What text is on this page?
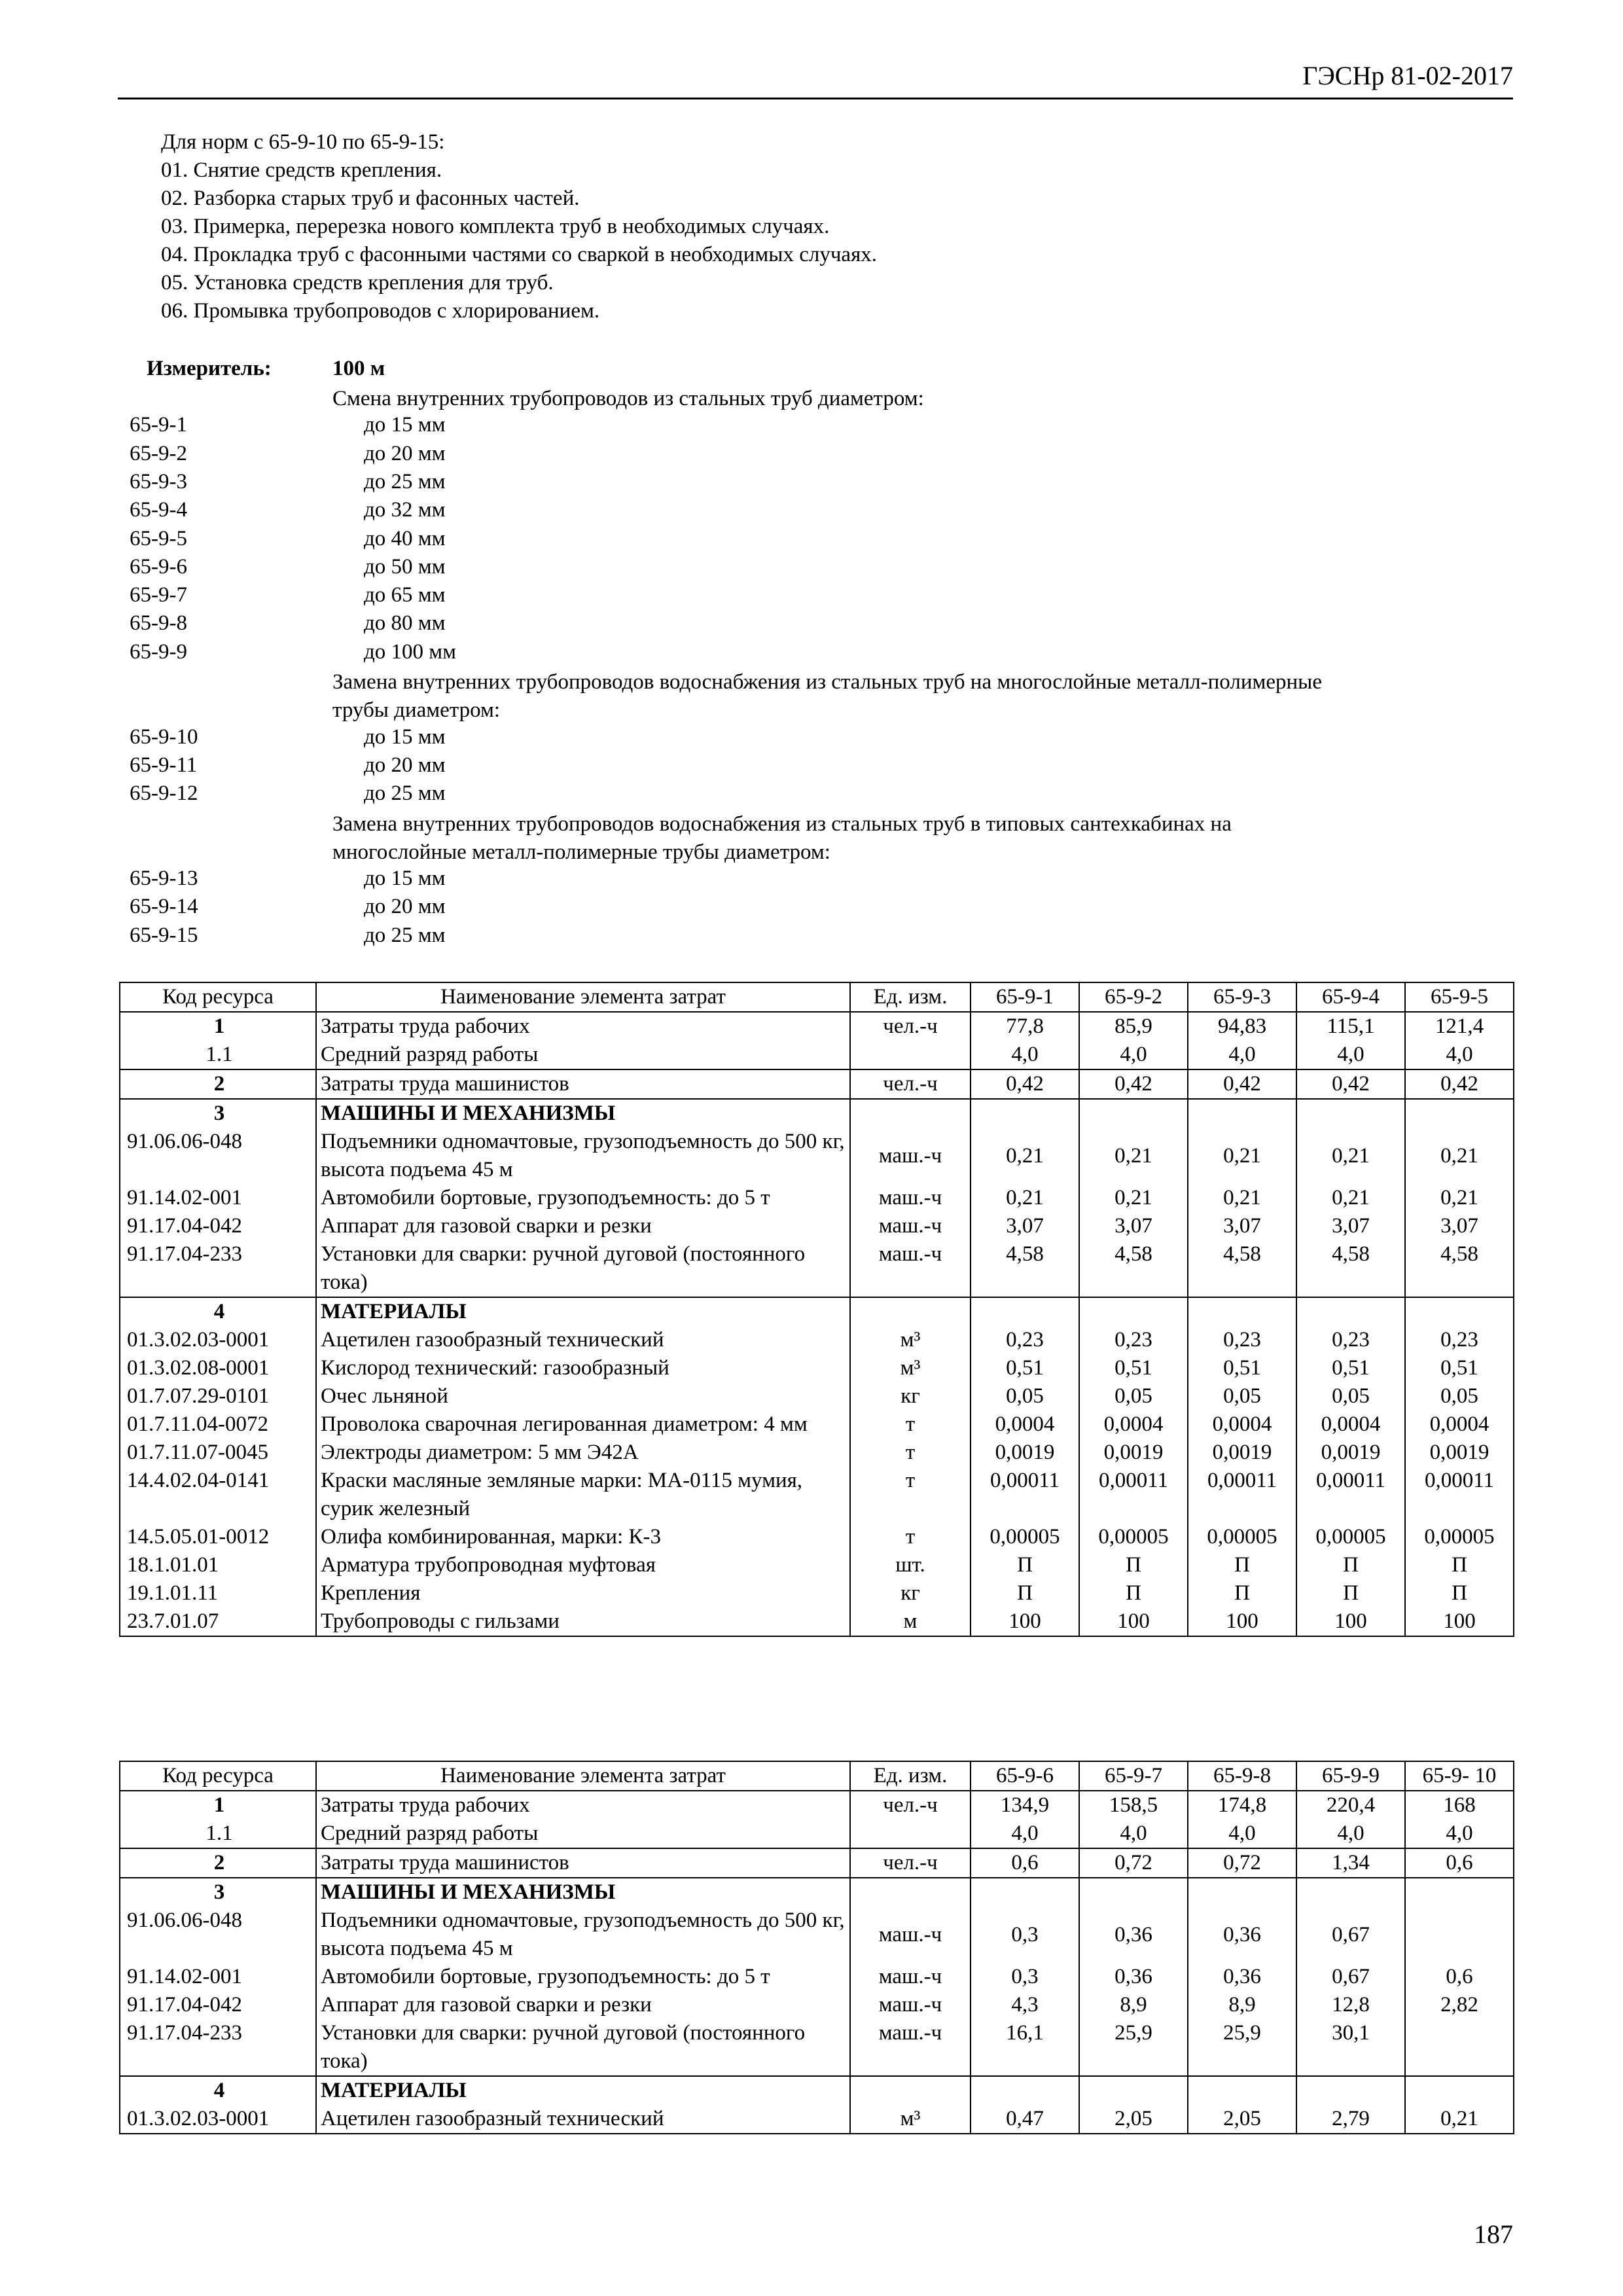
ГЭСНр 81-02-2017
Для норм с 65-9-10 по 65-9-15:
01. Снятие средств крепления.
02. Разборка старых труб и фасонных частей.
03. Примерка, перерезка нового комплекта труб в необходимых случаях.
04. Прокладка труб с фасонными частями со сваркой в необходимых случаях.
05. Установка средств крепления для труб.
06. Промывка трубопроводов с хлорированием.
Измеритель:	100 м
Смена внутренних трубопроводов из стальных труб диаметром:
65-9-1	до 15 мм
65-9-2	до 20 мм
65-9-3	до 25 мм
65-9-4	до 32 мм
65-9-5	до 40 мм
65-9-6	до 50 мм
65-9-7	до 65 мм
65-9-8	до 80 мм
65-9-9	до 100 мм
Замена внутренних трубопроводов водоснабжения из стальных труб на многослойные металл-полимерные
трубы диаметром:
65-9-10	до 15 мм
65-9-11	до 20 мм
65-9-12	до 25 мм
Замена внутренних трубопроводов водоснабжения из стальных труб в типовых сантехкабинах на
многослойные металл-полимерные трубы диаметром:
65-9-13	до 15 мм
65-9-14	до 20 мм
65-9-15	до 25 мм
Код ресурса	Наименование элемента затрат	Ед. изм.	65-9-1	65-9-2	65-9-3	65-9-4	65-9-5
1	Затраты труда рабочих	чел.-ч	77,8	85,9	94,83	115,1	121,4
1.1	Средний разряд работы		4,0	4,0	4,0	4,0	4,0
2	Затраты труда машинистов	чел.-ч	0,42	0,42	0,42	0,42	0,42
3	МАШИНЫ И МЕХАНИЗМЫ						
91.06.06-048	Подъемники одномачтовые, грузоподъемность до 500 кг, высота подъема 45 м	маш.-ч	0,21	0,21	0,21	0,21	0,21
91.14.02-001	Автомобили бортовые, грузоподъемность: до 5 т	маш.-ч	0,21	0,21	0,21	0,21	0,21
91.17.04-042	Аппарат для газовой сварки и резки	маш.-ч	3,07	3,07	3,07	3,07	3,07
91.17.04-233	Установки для сварки: ручной дуговой (постоянного тока)	маш.-ч	4,58	4,58	4,58	4,58	4,58
4	МАТЕРИАЛЫ						
01.3.02.03-0001	Ацетилен газообразный технический	м³	0,23	0,23	0,23	0,23	0,23
01.3.02.08-0001	Кислород технический: газообразный	м³	0,51	0,51	0,51	0,51	0,51
01.7.07.29-0101	Очес льняной	кг	0,05	0,05	0,05	0,05	0,05
01.7.11.04-0072	Проволока сварочная легированная диаметром: 4 мм	т	0,0004	0,0004	0,0004	0,0004	0,0004
01.7.11.07-0045	Электроды диаметром: 5 мм Э42А	т	0,0019	0,0019	0,0019	0,0019	0,0019
14.4.02.04-0141	Краски масляные земляные марки: МА-0115 мумия, сурик железный	т	0,00011	0,00011	0,00011	0,00011	0,00011
14.5.05.01-0012	Олифа комбинированная, марки: К-3	т	0,00005	0,00005	0,00005	0,00005	0,00005
18.1.01.01	Арматура трубопроводная муфтовая	шт.	П	П	П	П	П
19.1.01.11	Крепления	кг	П	П	П	П	П
23.7.01.07	Трубопроводы с гильзами	м	100	100	100	100	100
Код ресурса	Наименование элемента затрат	Ед. изм.	65-9-6	65-9-7	65-9-8	65-9-9	65-9- 10
1	Затраты труда рабочих	чел.-ч	134,9	158,5	174,8	220,4	168
1.1	Средний разряд работы		4,0	4,0	4,0	4,0	4,0
2	Затраты труда машинистов	чел.-ч	0,6	0,72	0,72	1,34	0,6
3	МАШИНЫ И МЕХАНИЗМЫ						
91.06.06-048	Подъемники одномачтовые, грузоподъемность до 500 кг, высота подъема 45 м	маш.-ч	0,3	0,36	0,36	0,67	
91.14.02-001	Автомобили бортовые, грузоподъемность: до 5 т	маш.-ч	0,3	0,36	0,36	0,67	0,6
91.17.04-042	Аппарат для газовой сварки и резки	маш.-ч	4,3	8,9	8,9	12,8	2,82
91.17.04-233	Установки для сварки: ручной дуговой (постоянного тока)	маш.-ч	16,1	25,9	25,9	30,1	
4	МАТЕРИАЛЫ						
01.3.02.03-0001	Ацетилен газообразный технический	м³	0,47	2,05	2,05	2,79	0,21
187
